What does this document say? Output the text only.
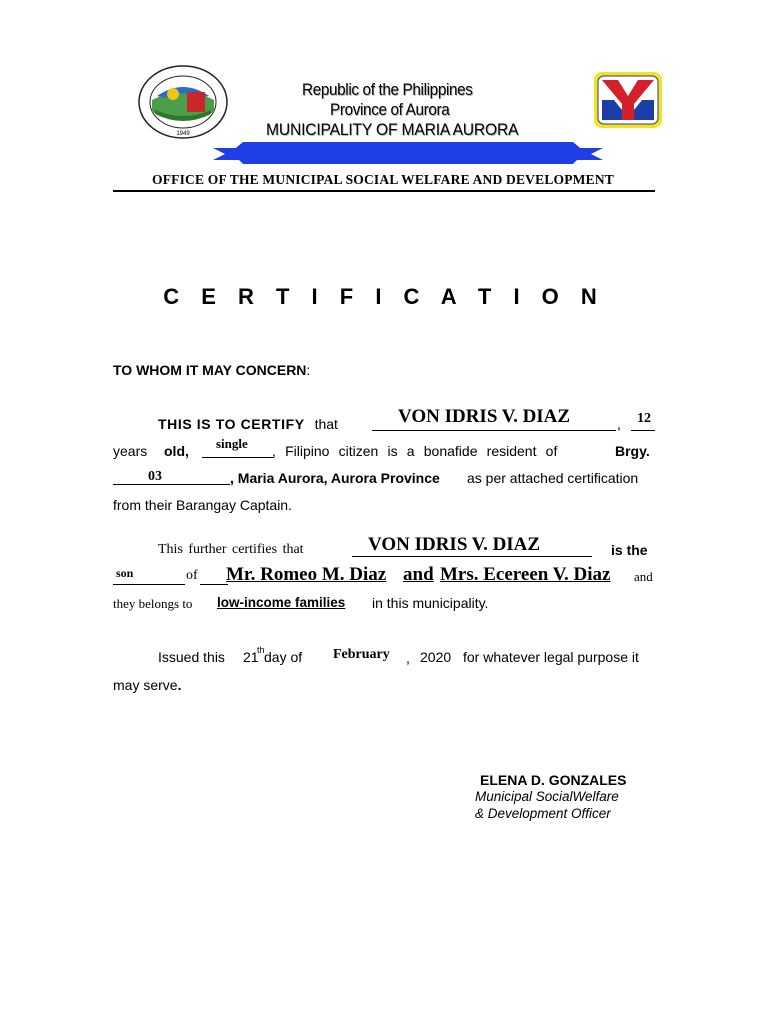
1949
Republic of the Philippines
Province of Aurora
MUNICIPALITY OF MARIA AURORA
OFFICE OF THE MUNICIPAL SOCIAL WELFARE AND DEVELOPMENT
C E R T I F I C A T I O N
TO WHOM IT MAY CONCERN:
THIS IS TO CERTIFY that	VON IDRIS V. DIAZ	, 12
years old, single , Filipino citizen is a bonafide resident of	Brgy.
03	, Maria Aurora, Aurora Province as per attached certification
from their Barangay Captain.
This further certifies that	VON IDRIS V. DIAZ	is the
son	of Mr. Romeo M. Diaz and Mrs. Ecereen V. Diaz and
they belongs to low-income families in this municipality.
Issued this 21
th day of February , 2020 for whatever legal purpose it
may serve.
ELENA D. GONZALES
Municipal SocialWelfare
& Development Officer
